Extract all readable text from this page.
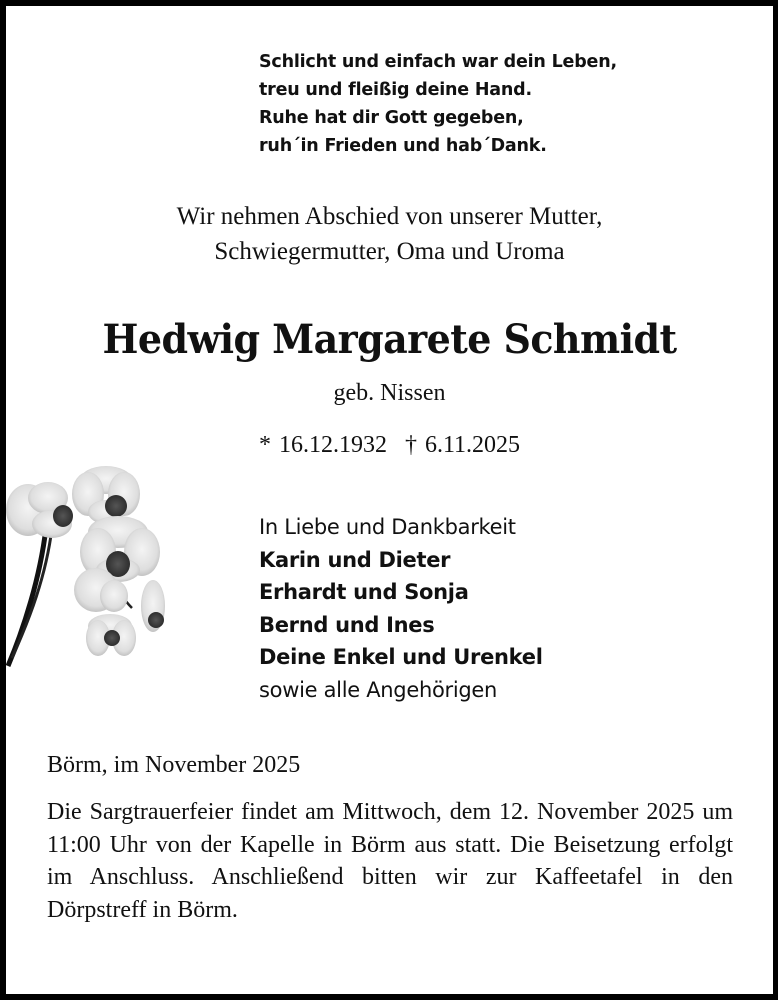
Schlicht und einfach war dein Leben,
treu und fleißig deine Hand.
Ruhe hat dir Gott gegeben,
ruh´in Frieden und hab´Dank.
Wir nehmen Abschied von unserer Mutter,
Schwiegermutter, Oma und Uroma
Hedwig Margarete Schmidt
geb. Nissen
* 16.12.1932 † 6.11.2025
In Liebe und Dankbarkeit
Karin und Dieter
Erhardt und Sonja
Bernd und Ines
Deine Enkel und Urenkel
sowie alle Angehörigen
Börm, im November 2025
Die Sargtrauerfeier findet am Mittwoch, dem 12. November 2025 um 11:00 Uhr von der Kapelle in Börm aus statt. Die Beisetzung erfolgt im Anschluss. Anschließend bitten wir zur Kaffeetafel in den Dörpstreff in Börm.
